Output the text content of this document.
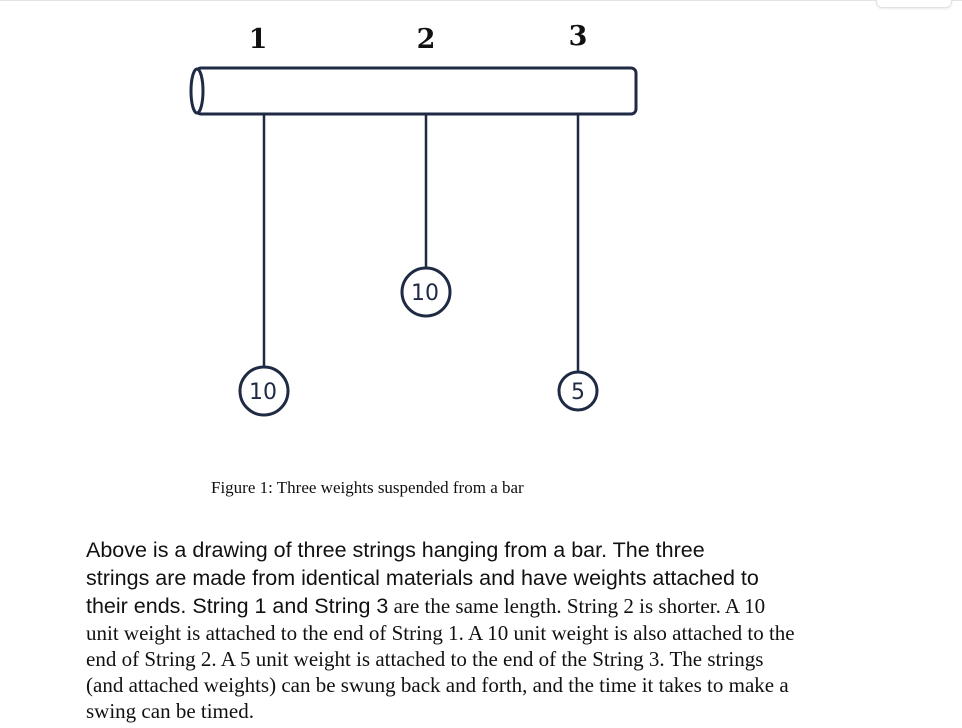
1	2	3
10
10
5
Figure 1: Three weights suspended from a bar
Above is a drawing of three strings hanging from a bar. The three
strings are made from identical materials and have weights attached to
their ends. String 1 and String 3 are the same length. String 2 is shorter. A 10
unit weight is attached to the end of String 1. A 10 unit weight is also attached to the
end of String 2. A 5 unit weight is attached to the end of the String 3. The strings
(and attached weights) can be swung back and forth, and the time it takes to make a
swing can be timed.
